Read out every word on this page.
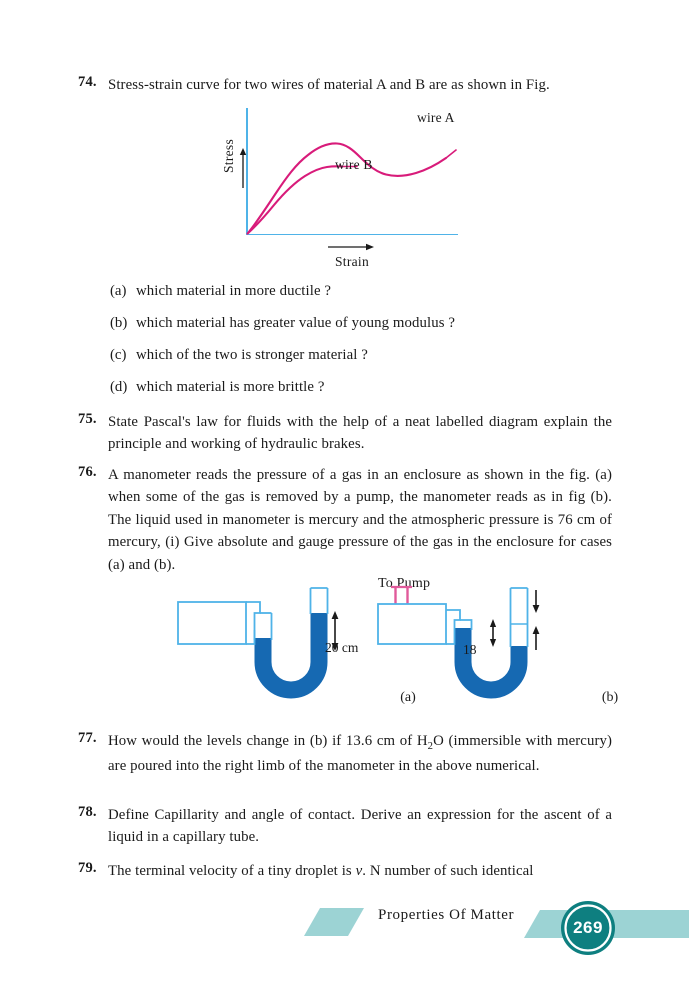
74. Stress-strain curve for two wires of material A and B are as shown in Fig.
Stress
Strain
wire A
wire B
(a) which material in more ductile ?
(b) which material has greater value of young modulus ?
(c) which of the two is stronger material ?
(d) which material is more brittle ?
75. State Pascal's law for fluids with the help of a neat labelled diagram explain the principle and working of hydraulic brakes.
76. A manometer reads the pressure of a gas in an enclosure as shown in the fig. (a) when some of the gas is removed by a pump, the manometer reads as in fig (b). The liquid used in manometer is mercury and the atmospheric pressure is 76 cm of mercury, (i) Give absolute and gauge pressure of the gas in the enclosure for cases (a) and (b).
20 cm
(a)
To Pump
18
(b)
77. How would the levels change in (b) if 13.6 cm of $H_2O$ (immersible with mercury) are poured into the right limb of the manometer in the above numerical.
78. Define Capillarity and angle of contact. Derive an expression for the ascent of a liquid in a capillary tube.
79. The terminal velocity of a tiny droplet is v. N number of such identical
Properties Of Matter
269
